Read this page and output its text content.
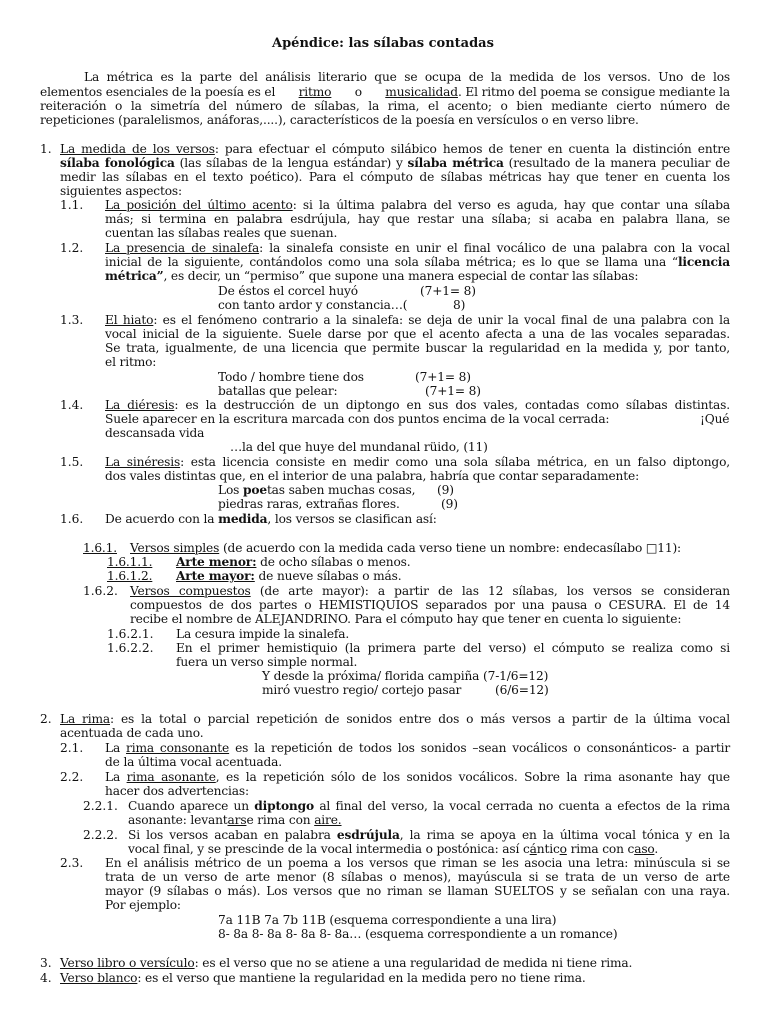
Apéndice: las sílabas contadas
La métrica es la parte del análisis literario que se ocupa de la medida de los versos. Uno de los
elementos esenciales de la poesía es el ritmo o musicalidad. El ritmo del poema se consigue mediante la
reiteración o la simetría del número de sílabas, la rima, el acento; o bien mediante cierto número de
repeticiones (paralelismos, anáforas,....), característicos de la poesía en versículos o en verso libre.
1. La medida de los versos: para efectuar el cómputo silábico hemos de tener en cuenta la distinción entre
sílaba fonológica (las sílabas de la lengua estándar) y sílaba métrica (resultado de la manera peculiar de
medir las sílabas en el texto poético). Para el cómputo de sílabas métricas hay que tener en cuenta los
siguientes aspectos:
1.1. La posición del último acento: si la última palabra del verso es aguda, hay que contar una sílaba
más; si termina en palabra esdrújula, hay que restar una sílaba; si acaba en palabra llana, se
cuentan las sílabas reales que suenan.
1.2. La presencia de sinalefa: la sinalefa consiste en unir el final vocálico de una palabra con la vocal
inicial de la siguiente, contándolos como una sola sílaba métrica; es lo que se llama una “licencia
métrica”, es decir, un “permiso” que supone una manera especial de contar las sílabas:
De éstos el corcel huyó	(7+1= 8)
con tanto ardor y constancia…(	8)
1.3. El hiato: es el fenómeno contrario a la sinalefa: se deja de unir la vocal final de una palabra con la
vocal inicial de la siguiente. Suele darse por que el acento afecta a una de las vocales separadas.
Se trata, igualmente, de una licencia que permite buscar la regularidad en la medida y, por tanto,
el ritmo:
Todo / hombre tiene dos	(7+1= 8)
batallas que pelear:	(7+1= 8)
1.4. La diéresis: es la destrucción de un diptongo en sus dos vales, contadas como sílabas distintas.
Suele aparecer en la escritura marcada con dos puntos encima de la vocal cerrada:	¡Qué
descansada vida
…la del que huye del mundanal rüido, (11)
1.5. La sinéresis: esta licencia consiste en medir como una sola sílaba métrica, en un falso diptongo,
dos vales distintas que, en el interior de una palabra, habría que contar separadamente:
Los poetas saben muchas cosas, (9)
piedras raras, extrañas flores.	(9)
1.6. De acuerdo con la medida, los versos se clasifican así:
1.6.1. Versos simples (de acuerdo con la medida cada verso tiene un nombre: endecasílabo □11):
1.6.1.1. Arte menor: de ocho sílabas o menos.
1.6.1.2. Arte mayor: de nueve sílabas o más.
1.6.2. Versos compuestos (de arte mayor): a partir de las 12 sílabas, los versos se consideran
compuestos de dos partes o HEMISTIQUIOS separados por una pausa o CESURA. El de 14
recibe el nombre de ALEJANDRINO. Para el cómputo hay que tener en cuenta lo siguiente:
1.6.2.1. La cesura impide la sinalefa.
1.6.2.2. En el primer hemistiquio (la primera parte del verso) el cómputo se realiza como si
fuera un verso simple normal.
Y desde la próxima/ florida campiña (7-1/6=12)
miró vuestro regio/ cortejo pasar	(6/6=12)
2. La rima: es la total o parcial repetición de sonidos entre dos o más versos a partir de la última vocal
acentuada de cada uno.
2.1. La rima consonante es la repetición de todos los sonidos –sean vocálicos o consonánticos- a partir
de la última vocal acentuada.
2.2. La rima asonante, es la repetición sólo de los sonidos vocálicos. Sobre la rima asonante hay que
hacer dos advertencias:
2.2.1. Cuando aparece un diptongo al final del verso, la vocal cerrada no cuenta a efectos de la rima
asonante: levantarse rima con aire.
2.2.2. Si los versos acaban en palabra esdrújula, la rima se apoya en la última vocal tónica y en la
vocal final, y se prescinde de la vocal intermedia o postónica: así cántico rima con caso.
2.3. En el análisis métrico de un poema a los versos que riman se les asocia una letra: minúscula si se
trata de un verso de arte menor (8 sílabas o menos), mayúscula si se trata de un verso de arte
mayor (9 sílabas o más). Los versos que no riman se llaman SUELTOS y se señalan con una raya.
Por ejemplo:
7a 11B 7a 7b 11B (esquema correspondiente a una lira)
8- 8a 8- 8a 8- 8a 8- 8a… (esquema correspondiente a un romance)
3. Verso libro o versículo: es el verso que no se atiene a una regularidad de medida ni tiene rima.
4. Verso blanco: es el verso que mantiene la regularidad en la medida pero no tiene rima.
